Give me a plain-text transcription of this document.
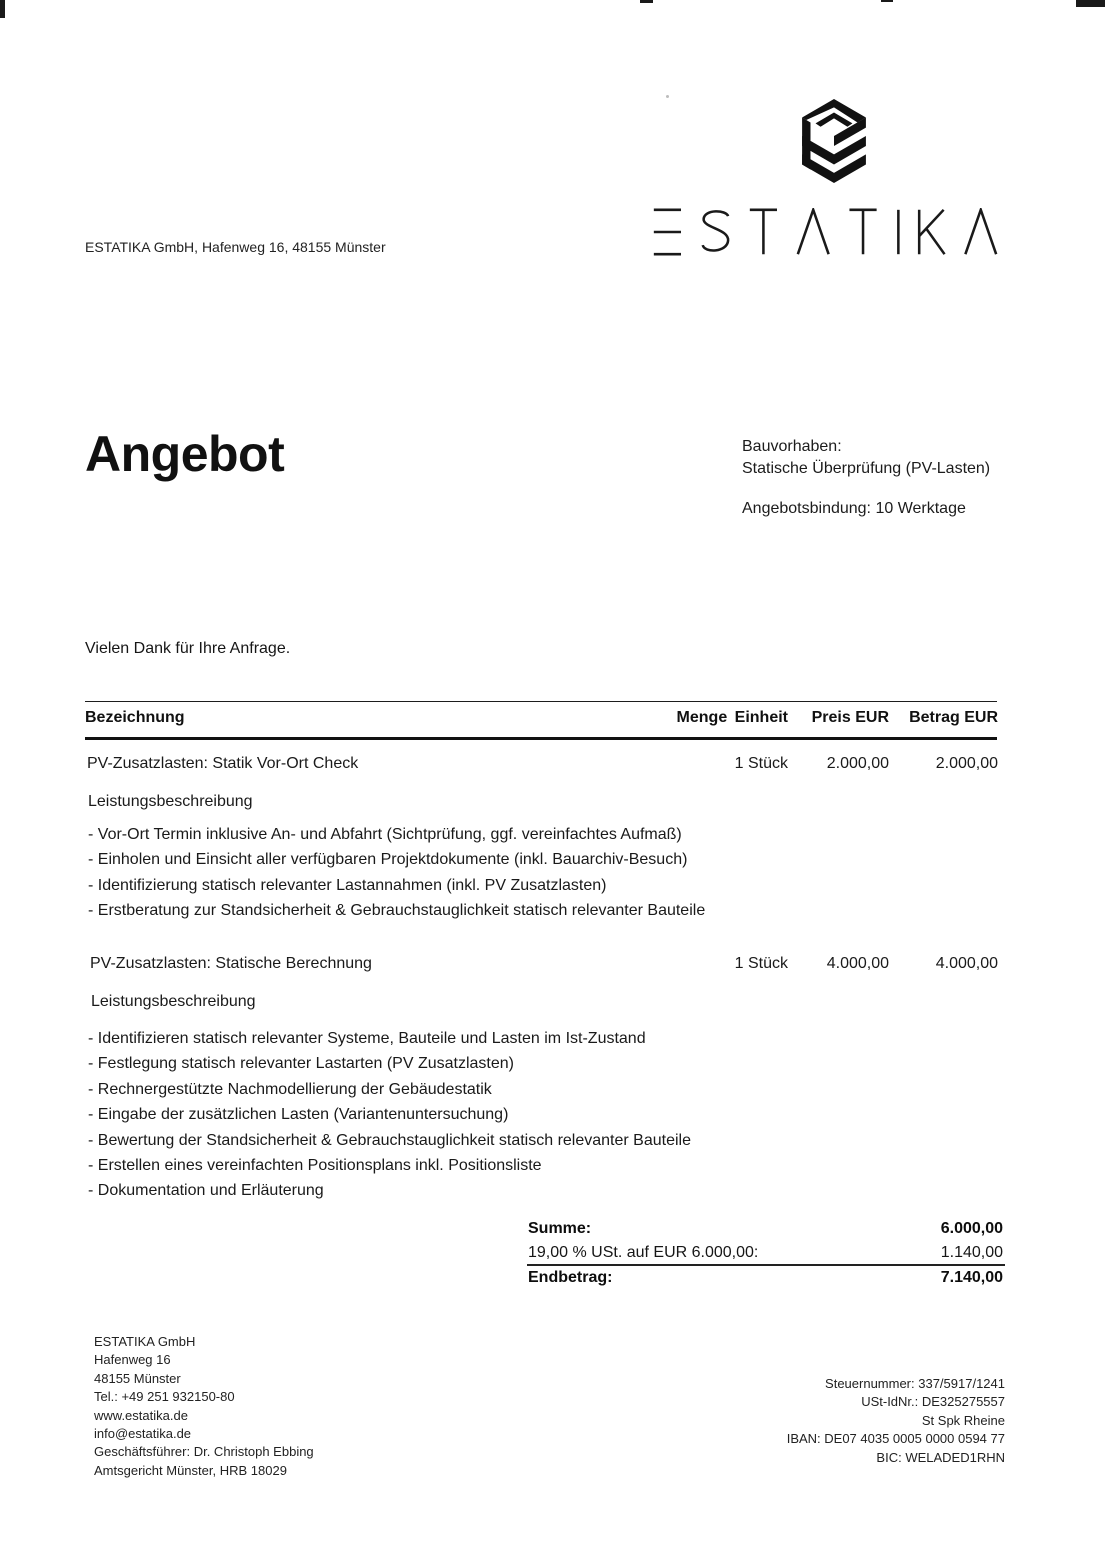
ESTATIKA GmbH, Hafenweg 16, 48155 Münster
Angebot	Bauvorhaben:
Statische Überprüfung (PV-Lasten)
Angebotsbindung: 10 Werktage
Vielen Dank für Ihre Anfrage.
Bezeichnung	Menge Einheit	Preis EUR	Betrag EUR
PV-Zusatzlasten: Statik Vor-Ort Check	1 Stück	2.000,00	2.000,00
Leistungsbeschreibung
- Vor-Ort Termin inklusive An- und Abfahrt (Sichtprüfung, ggf. vereinfachtes Aufmaß)
- Einholen und Einsicht aller verfügbaren Projektdokumente (inkl. Bauarchiv-Besuch)
- Identifizierung statisch relevanter Lastannahmen (inkl. PV Zusatzlasten)
- Erstberatung zur Standsicherheit & Gebrauchstauglichkeit statisch relevanter Bauteile
PV-Zusatzlasten: Statische Berechnung	1 Stück	4.000,00	4.000,00
Leistungsbeschreibung
- Identifizieren statisch relevanter Systeme, Bauteile und Lasten im Ist-Zustand
- Festlegung statisch relevanter Lastarten (PV Zusatzlasten)
- Rechnergestützte Nachmodellierung der Gebäudestatik
- Eingabe der zusätzlichen Lasten (Variantenuntersuchung)
- Bewertung der Standsicherheit & Gebrauchstauglichkeit statisch relevanter Bauteile
- Erstellen eines vereinfachten Positionsplans inkl. Positionsliste
- Dokumentation und Erläuterung
Summe:	6.000,00
19,00 % USt. auf EUR 6.000,00:	1.140,00
Endbetrag:	7.140,00
ESTATIKA GmbH
Hafenweg 16
48155 Münster
Tel.: +49 251 932150-80
www.estatika.de
info@estatika.de
Geschäftsführer: Dr. Christoph Ebbing
Amtsgericht Münster, HRB 18029
Steuernummer: 337/5917/1241
USt-IdNr.: DE325275557
St Spk Rheine
IBAN: DE07 4035 0005 0000 0594 77
BIC: WELADED1RHN
